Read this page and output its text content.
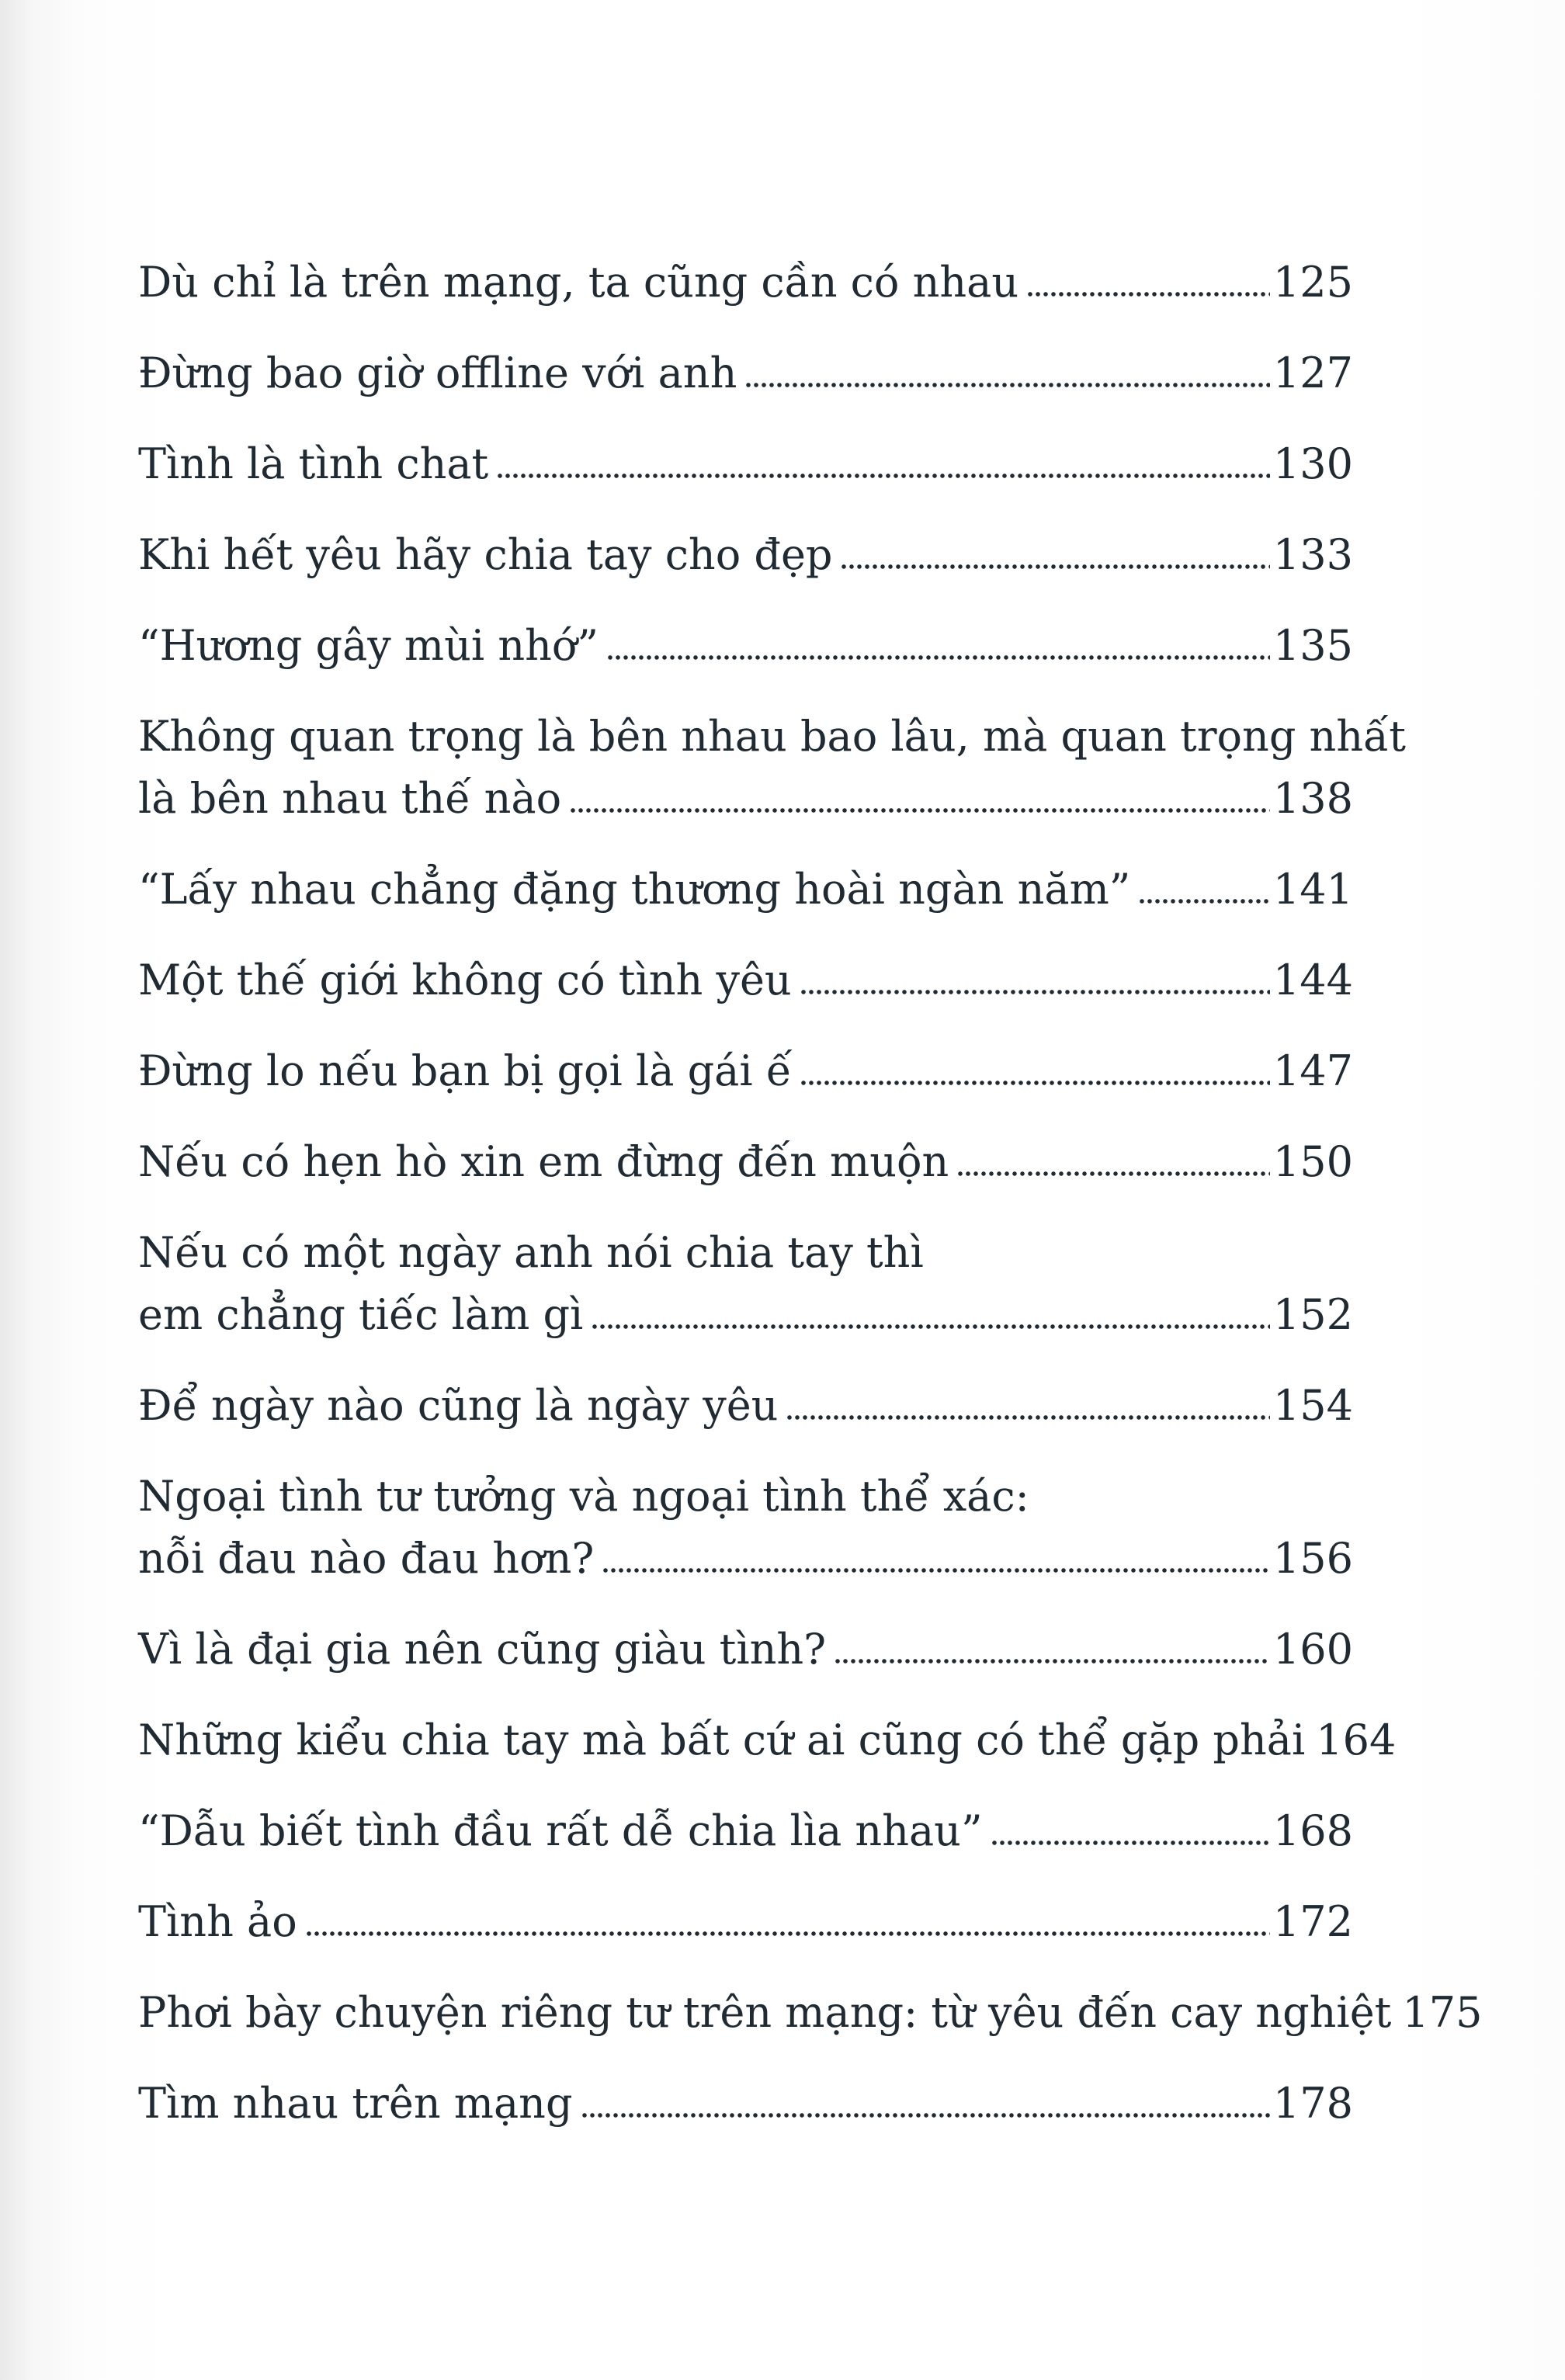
Dù chỉ là trên mạng, ta cũng cần có nhau	125
Đừng bao giờ offline với anh	127
Tình là tình chat	130
Khi hết yêu hãy chia tay cho đẹp	133
“Hương gây mùi nhớ”	135
Không quan trọng là bên nhau bao lâu, mà quan trọng nhất
là bên nhau thế nào	138
“Lấy nhau chẳng đặng thương hoài ngàn năm”	141
Một thế giới không có tình yêu	144
Đừng lo nếu bạn bị gọi là gái ế	147
Nếu có hẹn hò xin em đừng đến muộn	150
Nếu có một ngày anh nói chia tay thì
em chẳng tiếc làm gì	152
Để ngày nào cũng là ngày yêu	154
Ngoại tình tư tưởng và ngoại tình thể xác:
nỗi đau nào đau hơn?	156
Vì là đại gia nên cũng giàu tình?	160
Những kiểu chia tay mà bất cứ ai cũng có thể gặp phải 164
“Dẫu biết tình đầu rất dễ chia lìa nhau”	168
Tình ảo	172
Phơi bày chuyện riêng tư trên mạng: từ yêu đến cay nghiệt 175
Tìm nhau trên mạng	178
